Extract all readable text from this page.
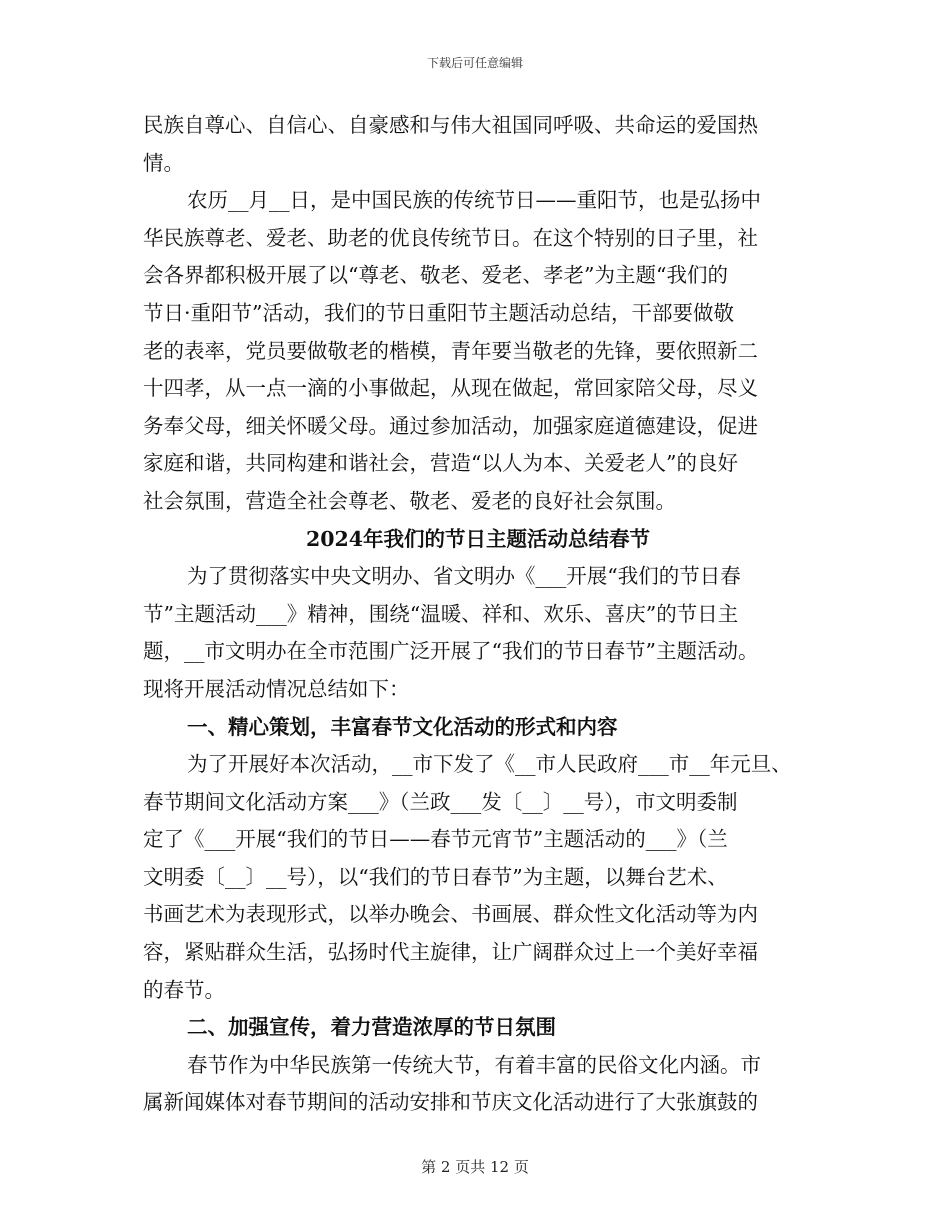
下载后可任意编辑
民族自尊心、自信心、自豪感和与伟大祖国同呼吸、共命运的爱国热
情。
农历__月__日，是中国民族的传统节日——重阳节，也是弘扬中
华民族尊老、爱老、助老的优良传统节日。在这个特别的日子里，社
会各界都积极开展了以“尊老、敬老、爱老、孝老”为主题“我们的
节日·重阳节”活动，我们的节日重阳节主题活动总结，干部要做敬
老的表率，党员要做敬老的楷模，青年要当敬老的先锋，要依照新二
十四孝，从一点一滴的小事做起，从现在做起，常回家陪父母，尽义
务奉父母，细关怀暖父母。通过参加活动，加强家庭道德建设，促进
家庭和谐，共同构建和谐社会，营造“以人为本、关爱老人”的良好
社会氛围，营造全社会尊老、敬老、爱老的良好社会氛围。
2024年我们的节日主题活动总结春节
为了贯彻落实中央文明办、省文明办《___开展“我们的节日春
节”主题活动___》精神，围绕“温暖、祥和、欢乐、喜庆”的节日主
题，__市文明办在全市范围广泛开展了“我们的节日春节”主题活动。
现将开展活动情况总结如下：
一、精心策划，丰富春节文化活动的形式和内容
为了开展好本次活动，__市下发了《__市人民政府___市__年元旦、
春节期间文化活动方案___》（兰政___发〔__〕__号），市文明委制
定了《___开展“我们的节日——春节元宵节”主题活动的___》（兰
文明委〔__〕__号），以“我们的节日春节”为主题，以舞台艺术、
书画艺术为表现形式，以举办晚会、书画展、群众性文化活动等为内
容，紧贴群众生活，弘扬时代主旋律，让广阔群众过上一个美好幸福
的春节。
二、加强宣传，着力营造浓厚的节日氛围
春节作为中华民族第一传统大节，有着丰富的民俗文化内涵。市
属新闻媒体对春节期间的活动安排和节庆文化活动进行了大张旗鼓的
第 2 页共 12 页
